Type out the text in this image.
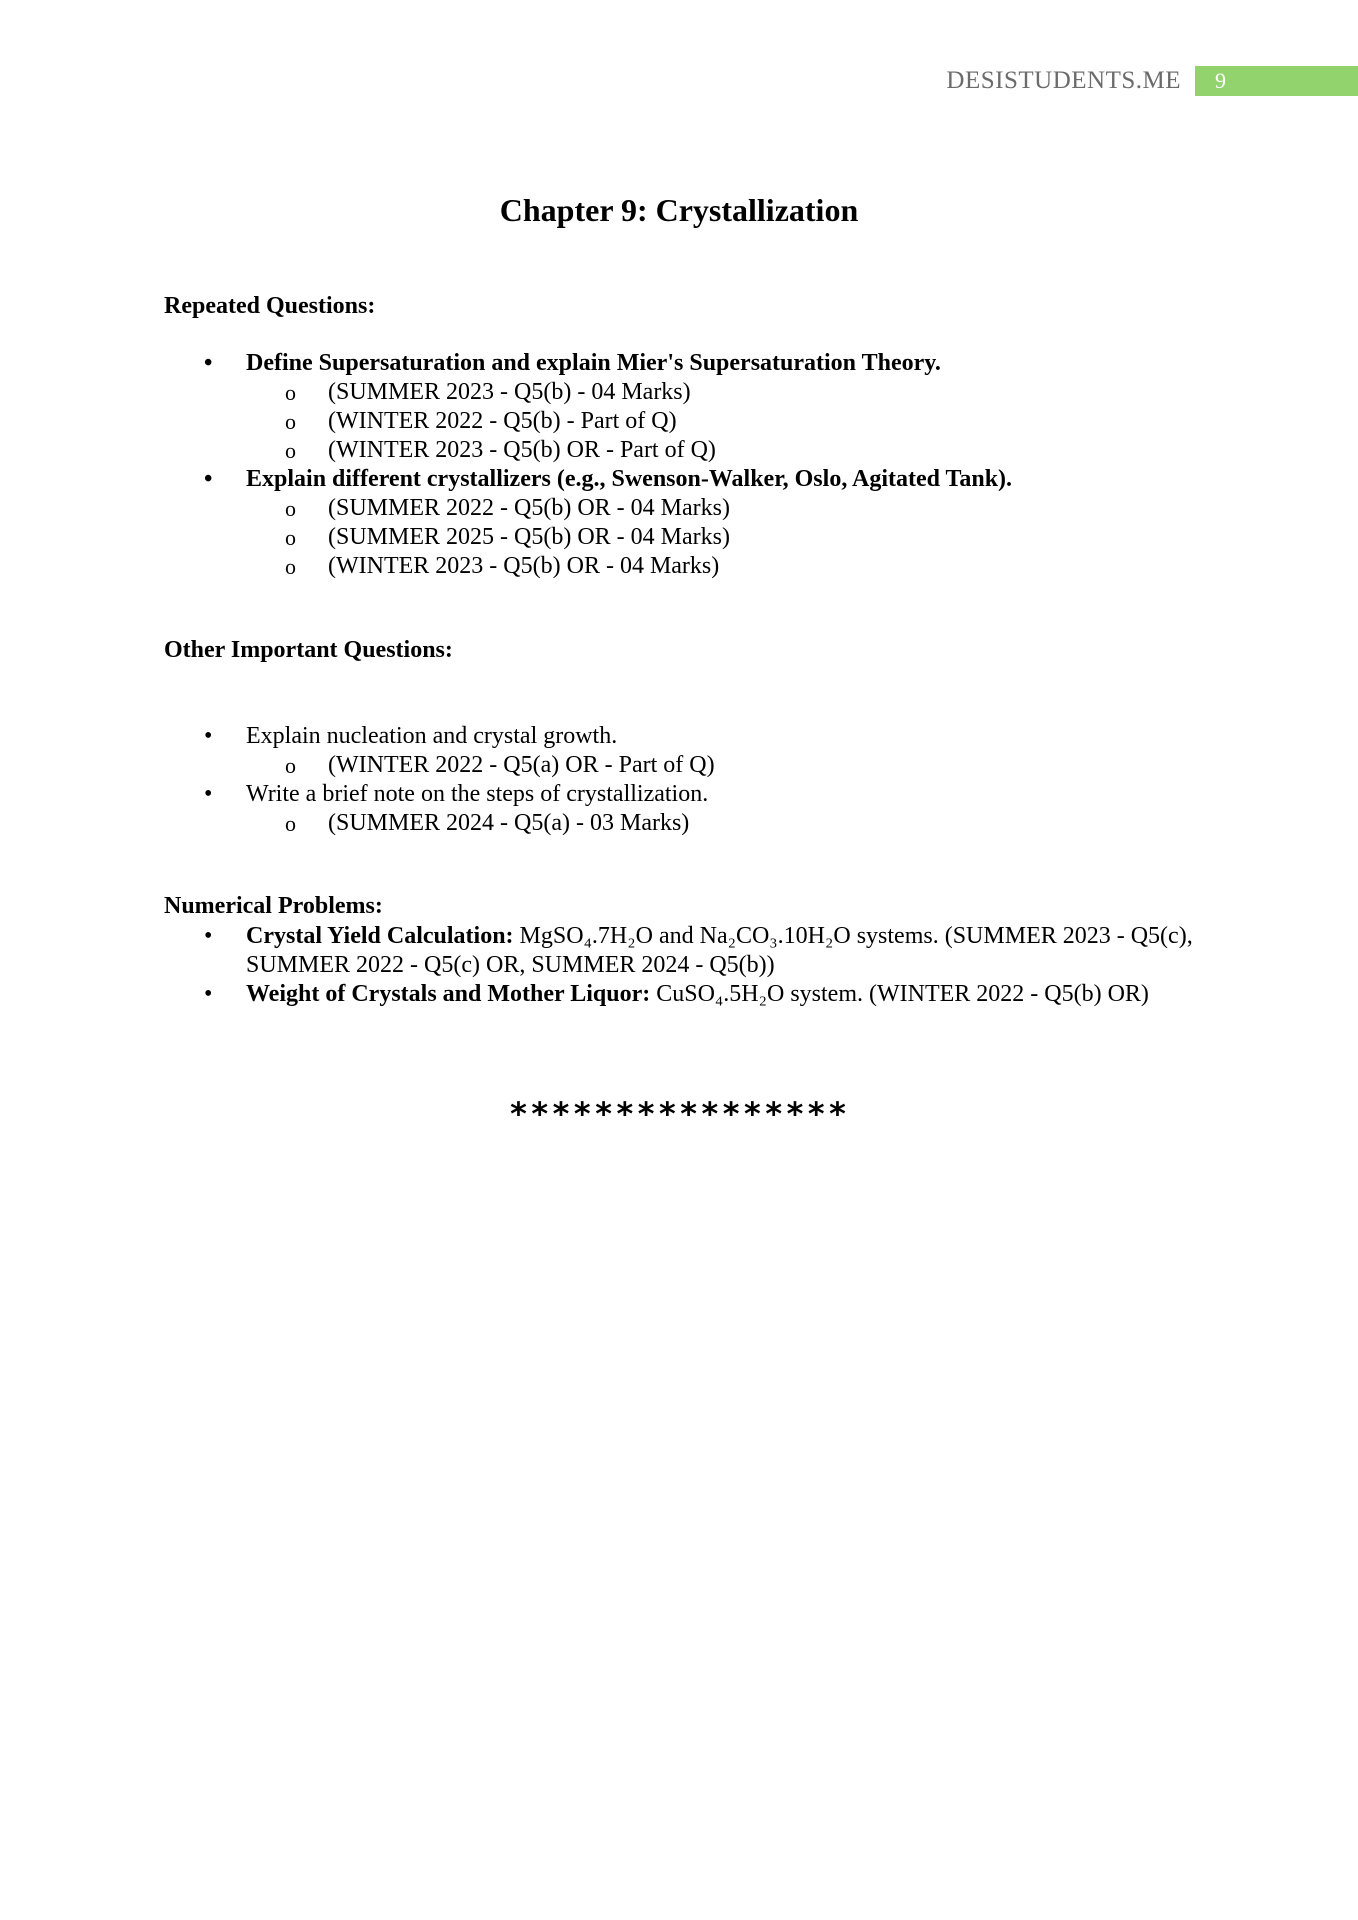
DESISTUDENTS.ME	9
Chapter 9: Crystallization
Repeated Questions:
• Define Supersaturation and explain Mier's Supersaturation Theory.
o (SUMMER 2023 - Q5(b) - 04 Marks)
o (WINTER 2022 - Q5(b) - Part of Q)
o (WINTER 2023 - Q5(b) OR - Part of Q)
• Explain different crystallizers (e.g., Swenson-Walker, Oslo, Agitated Tank).
o (SUMMER 2022 - Q5(b) OR - 04 Marks)
o (SUMMER 2025 - Q5(b) OR - 04 Marks)
o (WINTER 2023 - Q5(b) OR - 04 Marks)
Other Important Questions:
• Explain nucleation and crystal growth.
o (WINTER 2022 - Q5(a) OR - Part of Q)
• Write a brief note on the steps of crystallization.
o (SUMMER 2024 - Q5(a) - 03 Marks)
Numerical Problems:
• Crystal Yield Calculation: MgSO₄.7H₂O and Na₂CO₃.10H₂O systems. (SUMMER 2023 - Q5(c), SUMMER 2022 - Q5(c) OR, SUMMER 2024 - Q5(b))
• Weight of Crystals and Mother Liquor: CuSO₄.5H₂O system. (WINTER 2022 - Q5(b) OR)
****************
